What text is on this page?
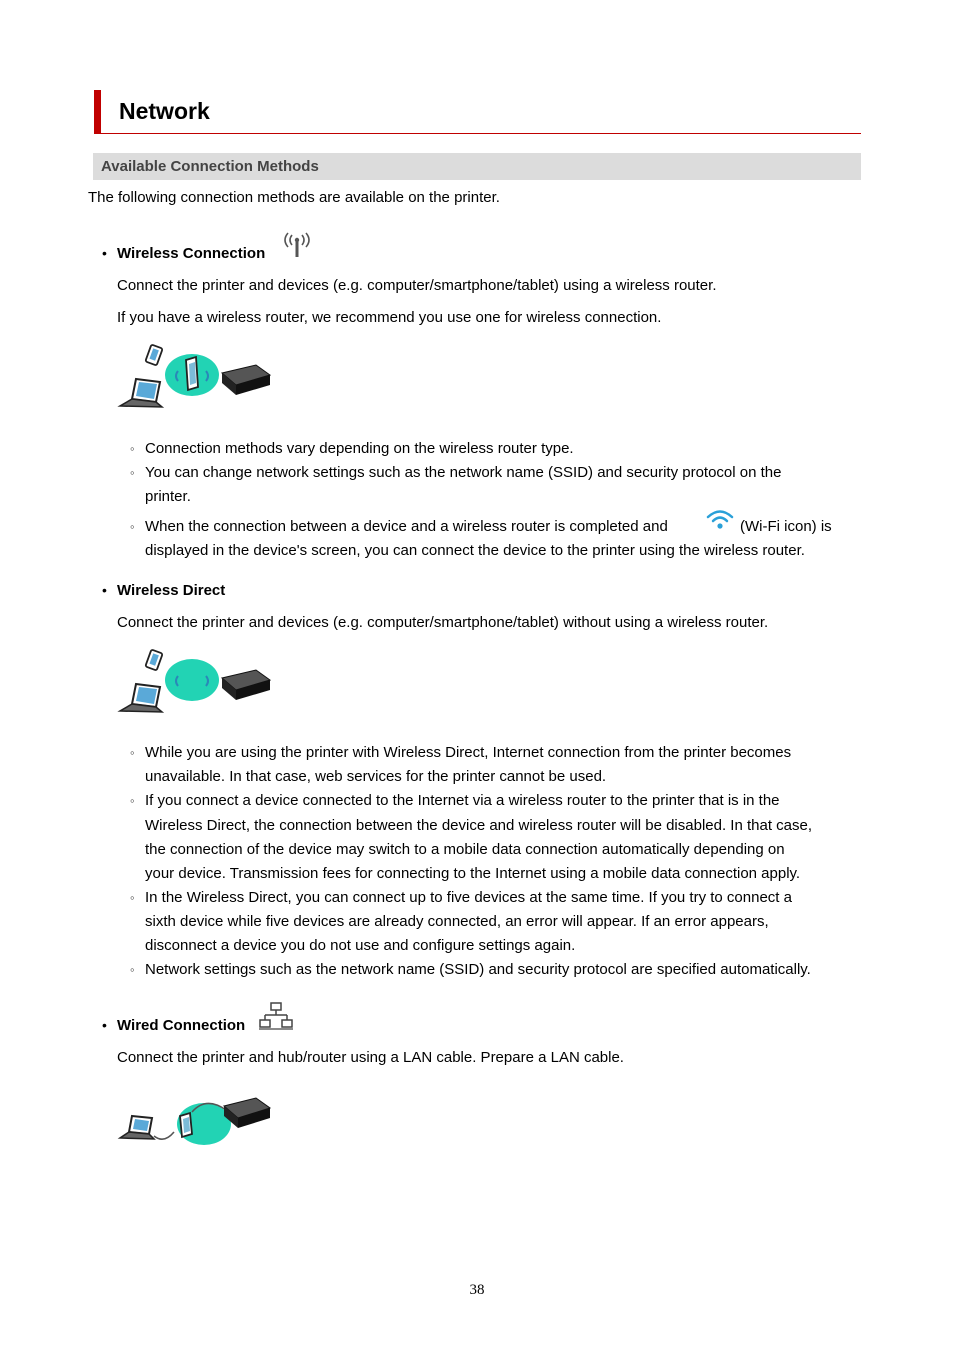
Network
Available Connection Methods
The following connection methods are available on the printer.
• Wireless Connection
Connect the printer and devices (e.g. computer/smartphone/tablet) using a wireless router.
If you have a wireless router, we recommend you use one for wireless connection.
◦ Connection methods vary depending on the wireless router type.
◦ You can change network settings such as the network name (SSID) and security protocol on the
printer.
◦ When the connection between a device and a wireless router is completed and	(Wi-Fi icon) is
displayed in the device's screen, you can connect the device to the printer using the wireless router.
• Wireless Direct
Connect the printer and devices (e.g. computer/smartphone/tablet) without using a wireless router.
◦ While you are using the printer with Wireless Direct, Internet connection from the printer becomes
unavailable. In that case, web services for the printer cannot be used.
◦ If you connect a device connected to the Internet via a wireless router to the printer that is in the
Wireless Direct, the connection between the device and wireless router will be disabled. In that case,
the connection of the device may switch to a mobile data connection automatically depending on
your device. Transmission fees for connecting to the Internet using a mobile data connection apply.
◦ In the Wireless Direct, you can connect up to five devices at the same time. If you try to connect a
sixth device while five devices are already connected, an error will appear. If an error appears,
disconnect a device you do not use and configure settings again.
◦ Network settings such as the network name (SSID) and security protocol are specified automatically.
• Wired Connection
Connect the printer and hub/router using a LAN cable. Prepare a LAN cable.
38
